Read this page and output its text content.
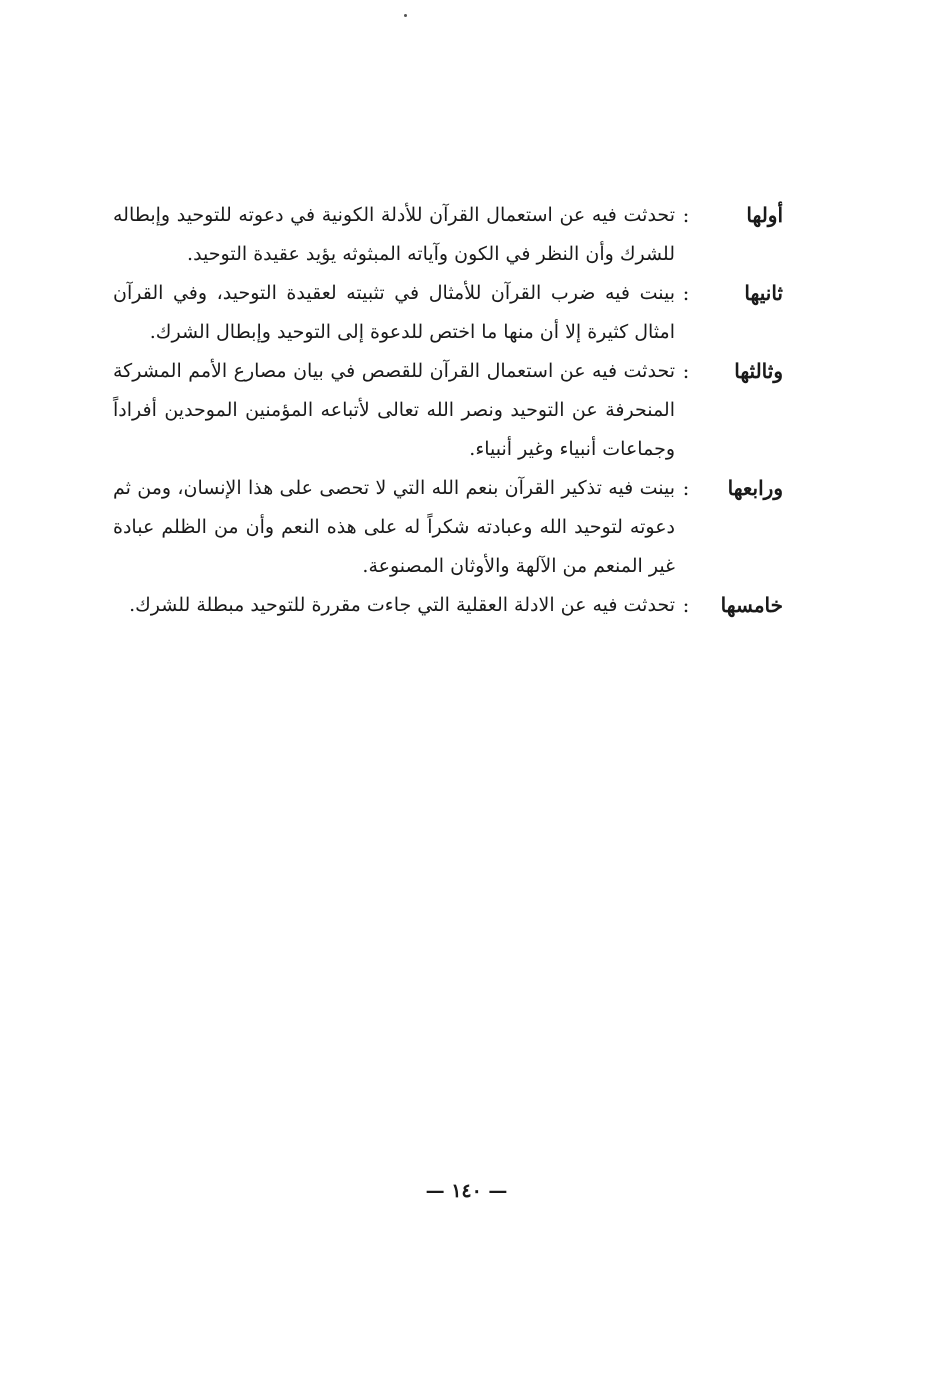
أولها
:
تحدثت فيه عن استعمال القرآن للأدلة الكونية في دعوته للتوحيد وإبطاله للشرك وأن النظر في الكون وآياته المبثوثه يؤيد عقيدة التوحيد.
ثانيها
:
بينت فيه ضرب القرآن للأمثال في تثبيته لعقيدة التوحيد، وفي القرآن امثال كثيرة إلا أن منها ما اختص للدعوة إلى التوحيد وإبطال الشرك.
وثالثها
:
تحدثت فيه عن استعمال القرآن للقصص في بيان مصارع الأمم المشركة المنحرفة عن التوحيد ونصر الله تعالى لأتباعه المؤمنين الموحدين أفراداً وجماعات أنبياء وغير أنبياء.
ورابعها
:
بينت فيه تذكير القرآن بنعم الله التي لا تحصى على هذا الإنسان، ومن ثم دعوته لتوحيد الله وعبادته شكراً له على هذه النعم وأن من الظلم عبادة غير المنعم من الآلهة والأوثان المصنوعة.
خامسها
:
تحدثت فيه عن الادلة العقلية التي جاءت مقررة للتوحيد مبطلة للشرك.
— ١٤٠ —
